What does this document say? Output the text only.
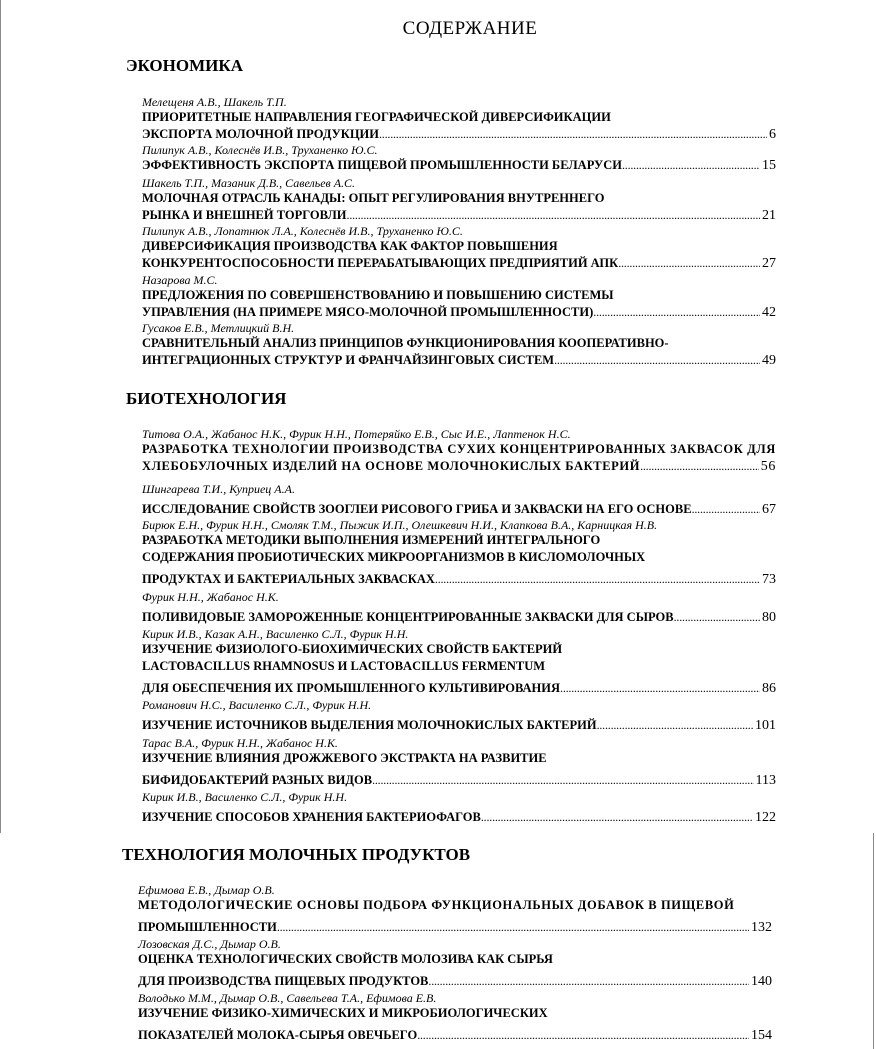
СОДЕРЖАНИЕ
ЭКОНОМИКА
Мелещеня А.В., Шакель Т.П.
ПРИОРИТЕТНЫЕ НАПРАВЛЕНИЯ ГЕОГРАФИЧЕСКОЙ ДИВЕРСИФИКАЦИИ
ЭКСПОРТА МОЛОЧНОЙ ПРОДУКЦИИ . . .	6
Пилипук А.В., Колеснёв И.В., Труханенко Ю.С.
ЭФФЕКТИВНОСТЬ ЭКСПОРТА ПИЩЕВОЙ ПРОМЫШЛЕННОСТИ БЕЛАРУСИ . . .	15
Шакель Т.П., Мазаник Д.В., Савельев А.С.
МОЛОЧНАЯ ОТРАСЛЬ КАНАДЫ: ОПЫТ РЕГУЛИРОВАНИЯ ВНУТРЕННЕГО
РЫНКА И ВНЕШНЕЙ ТОРГОВЛИ . . .	21
Пилипук А.В., Лопатнюк Л.А., Колеснёв И.В., Труханенко Ю.С.
ДИВЕРСИФИКАЦИЯ ПРОИЗВОДСТВА КАК ФАКТОР ПОВЫШЕНИЯ
КОНКУРЕНТОСПОСОБНОСТИ ПЕРЕРАБАТЫВАЮЩИХ ПРЕДПРИЯТИЙ АПК . . .	27
Назарова М.С.
ПРЕДЛОЖЕНИЯ ПО СОВЕРШЕНСТВОВАНИЮ И ПОВЫШЕНИЮ СИСТЕМЫ
УПРАВЛЕНИЯ (НА ПРИМЕРЕ МЯСО-МОЛОЧНОЙ ПРОМЫШЛЕННОСТИ) . . .	42
Гусаков Е.В., Метлицкий В.Н.
СРАВНИТЕЛЬНЫЙ АНАЛИЗ ПРИНЦИПОВ ФУНКЦИОНИРОВАНИЯ КООПЕРАТИВНО-
ИНТЕГРАЦИОННЫХ СТРУКТУР И ФРАНЧАЙЗИНГОВЫХ СИСТЕМ . . .	49
БИОТЕХНОЛОГИЯ
Титова О.А., Жабанос Н.К., Фурик Н.Н., Потеряйко Е.В., Сыс И.Е., Лаптенок Н.С.
РАЗРАБОТКА ТЕХНОЛОГИИ ПРОИЗВОДСТВА СУХИХ КОНЦЕНТРИРОВАННЫХ ЗАКВАСОК ДЛЯ
ХЛЕБОБУЛОЧНЫХ ИЗДЕЛИЙ НА ОСНОВЕ МОЛОЧНОКИСЛЫХ БАКТЕРИЙ . . .	56
Шингарева Т.И., Куприец А.А.
ИССЛЕДОВАНИЕ СВОЙСТВ ЗООГЛЕИ РИСОВОГО ГРИБА И ЗАКВАСКИ НА ЕГО ОСНОВЕ . . .	67
Бирюк Е.Н., Фурик Н.Н., Смоляк Т.М., Пыжик И.П., Олешкевич Н.И., Клапкова В.А., Карницкая Н.В.
РАЗРАБОТКА МЕТОДИКИ ВЫПОЛНЕНИЯ ИЗМЕРЕНИЙ ИНТЕГРАЛЬНОГО
СОДЕРЖАНИЯ ПРОБИОТИЧЕСКИХ МИКРООРГАНИЗМОВ В КИСЛОМОЛОЧНЫХ
ПРОДУКТАХ И БАКТЕРИАЛЬНЫХ ЗАКВАСКАХ . . .	73
Фурик Н.Н., Жабанос Н.К.
ПОЛИВИДОВЫЕ ЗАМОРОЖЕННЫЕ КОНЦЕНТРИРОВАННЫЕ ЗАКВАСКИ ДЛЯ СЫРОВ . . .	80
Кирик И.В., Казак А.Н., Василенко С.Л., Фурик Н.Н.
ИЗУЧЕНИЕ ФИЗИОЛОГО-БИОХИМИЧЕСКИХ СВОЙСТВ БАКТЕРИЙ
LACTOBACILLUS RHAMNOSUS И LACTOBACILLUS FERMENTUM
ДЛЯ ОБЕСПЕЧЕНИЯ ИХ ПРОМЫШЛЕННОГО КУЛЬТИВИРОВАНИЯ . . .	86
Романович Н.С., Василенко С.Л., Фурик Н.Н.
ИЗУЧЕНИЕ ИСТОЧНИКОВ ВЫДЕЛЕНИЯ МОЛОЧНОКИСЛЫХ БАКТЕРИЙ . . .	101
Тарас В.А., Фурик Н.Н., Жабанос Н.К.
ИЗУЧЕНИЕ ВЛИЯНИЯ ДРОЖЖЕВОГО ЭКСТРАКТА НА РАЗВИТИЕ
БИФИДОБАКТЕРИЙ РАЗНЫХ ВИДОВ . . .	113
Кирик И.В., Василенко С.Л., Фурик Н.Н.
ИЗУЧЕНИЕ СПОСОБОВ ХРАНЕНИЯ БАКТЕРИОФАГОВ . . .	122
ТЕХНОЛОГИЯ МОЛОЧНЫХ ПРОДУКТОВ
Ефимова Е.В., Дымар О.В.
МЕТОДОЛОГИЧЕСКИЕ ОСНОВЫ ПОДБОРА ФУНКЦИОНАЛЬНЫХ ДОБАВОК В ПИЩЕВОЙ
ПРОМЫШЛЕННОСТИ . . .	132
Лозовская Д.С., Дымар О.В.
ОЦЕНКА ТЕХНОЛОГИЧЕСКИХ СВОЙСТВ МОЛОЗИВА КАК СЫРЬЯ
ДЛЯ ПРОИЗВОДСТВА ПИЩЕВЫХ ПРОДУКТОВ . . .	140
Володько М.М., Дымар О.В., Савельева Т.А., Ефимова Е.В.
ИЗУЧЕНИЕ ФИЗИКО-ХИМИЧЕСКИХ И МИКРОБИОЛОГИЧЕСКИХ
ПОКАЗАТЕЛЕЙ МОЛОКА-СЫРЬЯ ОВЕЧЬЕГО . . .	154
